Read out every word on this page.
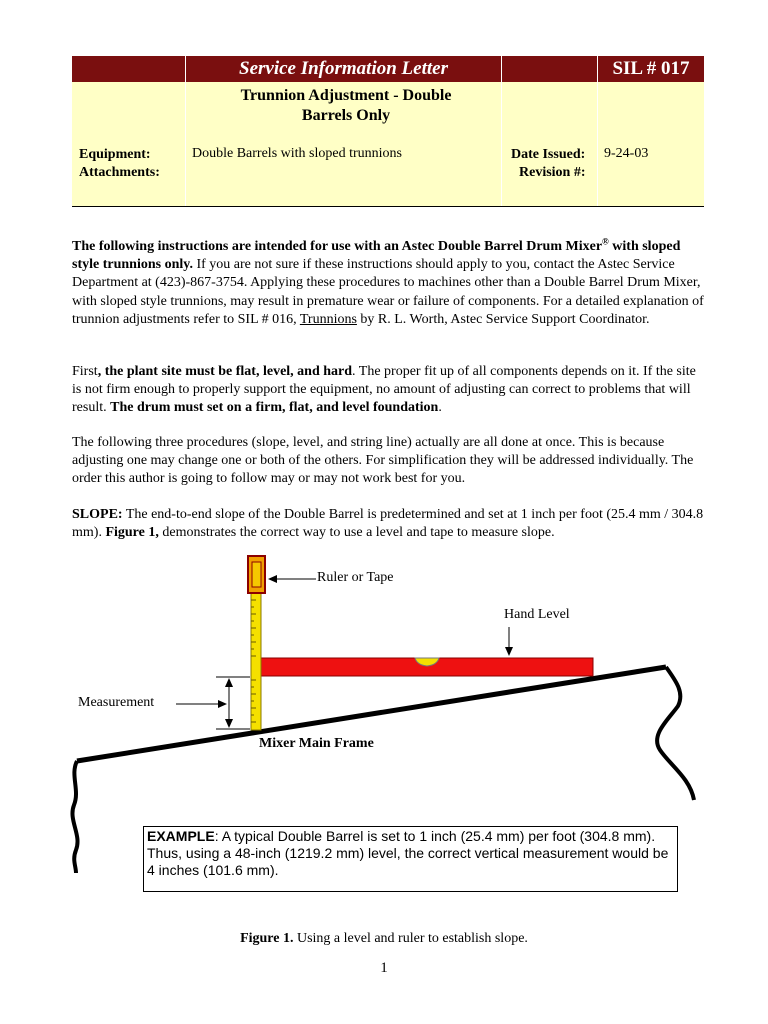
Service Information Letter	SIL # 017
Trunnion Adjustment - Double
Barrels Only
Equipment:
Attachments:
Double Barrels with sloped trunnions	Date Issued:
Revision #:
9-24-03
The following instructions are intended for use with an Astec Double Barrel Drum Mixer® with sloped style trunnions only. If you are not sure if these instructions should apply to you, contact the Astec Service Department at (423)-867-3754. Applying these procedures to machines other than a Double Barrel Drum Mixer, with sloped style trunnions, may result in premature wear or failure of components. For a detailed explanation of trunnion adjustments refer to SIL # 016, Trunnions by R. L. Worth, Astec Service Support Coordinator.
First, the plant site must be flat, level, and hard. The proper fit up of all components depends on it. If the site is not firm enough to properly support the equipment, no amount of adjusting can correct to problems that will result. The drum must set on a firm, flat, and level foundation.
The following three procedures (slope, level, and string line) actually are all done at once. This is because adjusting one may change one or both of the others. For simplification they will be addressed individually. The order this author is going to follow may or may not work best for you.
SLOPE: The end-to-end slope of the Double Barrel is predetermined and set at 1 inch per foot (25.4 mm / 304.8 mm). Figure 1, demonstrates the correct way to use a level and tape to measure slope.
Ruler or Tape
Hand Level
Measurement
Mixer Main Frame
EXAMPLE: A typical Double Barrel is set to 1 inch (25.4 mm) per foot (304.8 mm). Thus, using a 48-inch (1219.2 mm) level, the correct vertical measurement would be 4 inches (101.6 mm).
Figure 1. Using a level and ruler to establish slope.
1
